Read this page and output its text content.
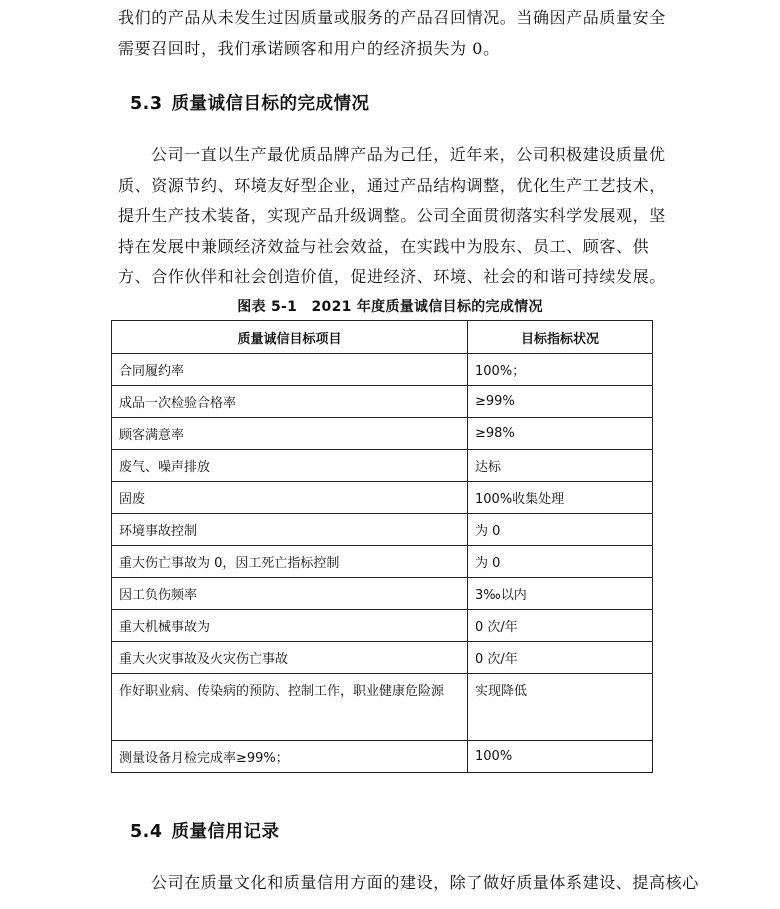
我们的产品从未发生过因质量或服务的产品召回情况。当确因产品质量安全需要召回时，我们承诺顾客和用户的经济损失为 0。

5.3 质量诚信目标的完成情况

公司一直以生产最优质品牌产品为己任，近年来，公司积极建设质量优质、资源节约、环境友好型企业，通过产品结构调整，优化生产工艺技术，提升生产技术装备，实现产品升级调整。公司全面贯彻落实科学发展观，坚持在发展中兼顾经济效益与社会效益，在实践中为股东、员工、顾客、供方、合作伙伴和社会创造价值，促进经济、环境、社会的和谐可持续发展。

图表 5-1　2021 年度质量诚信目标的完成情况

质量诚信目标项目	目标指标状况
合同履约率	100%；
成品一次检验合格率	≥99%
顾客满意率	≥98%
废气、噪声排放	达标
固废	100%收集处理
环境事故控制	为 0
重大伤亡事故为 0，因工死亡指标控制	为 0
因工负伤频率	3‰以内
重大机械事故为	0 次/年
重大火灾事故及火灾伤亡事故	0 次/年
作好职业病、传染病的预防、控制工作，职业健康危险源	实现降低
测量设备月检完成率≥99%；	100%
5.4 质量信用记录

公司在质量文化和质量信用方面的建设，除了做好质量体系建设、提高核心
